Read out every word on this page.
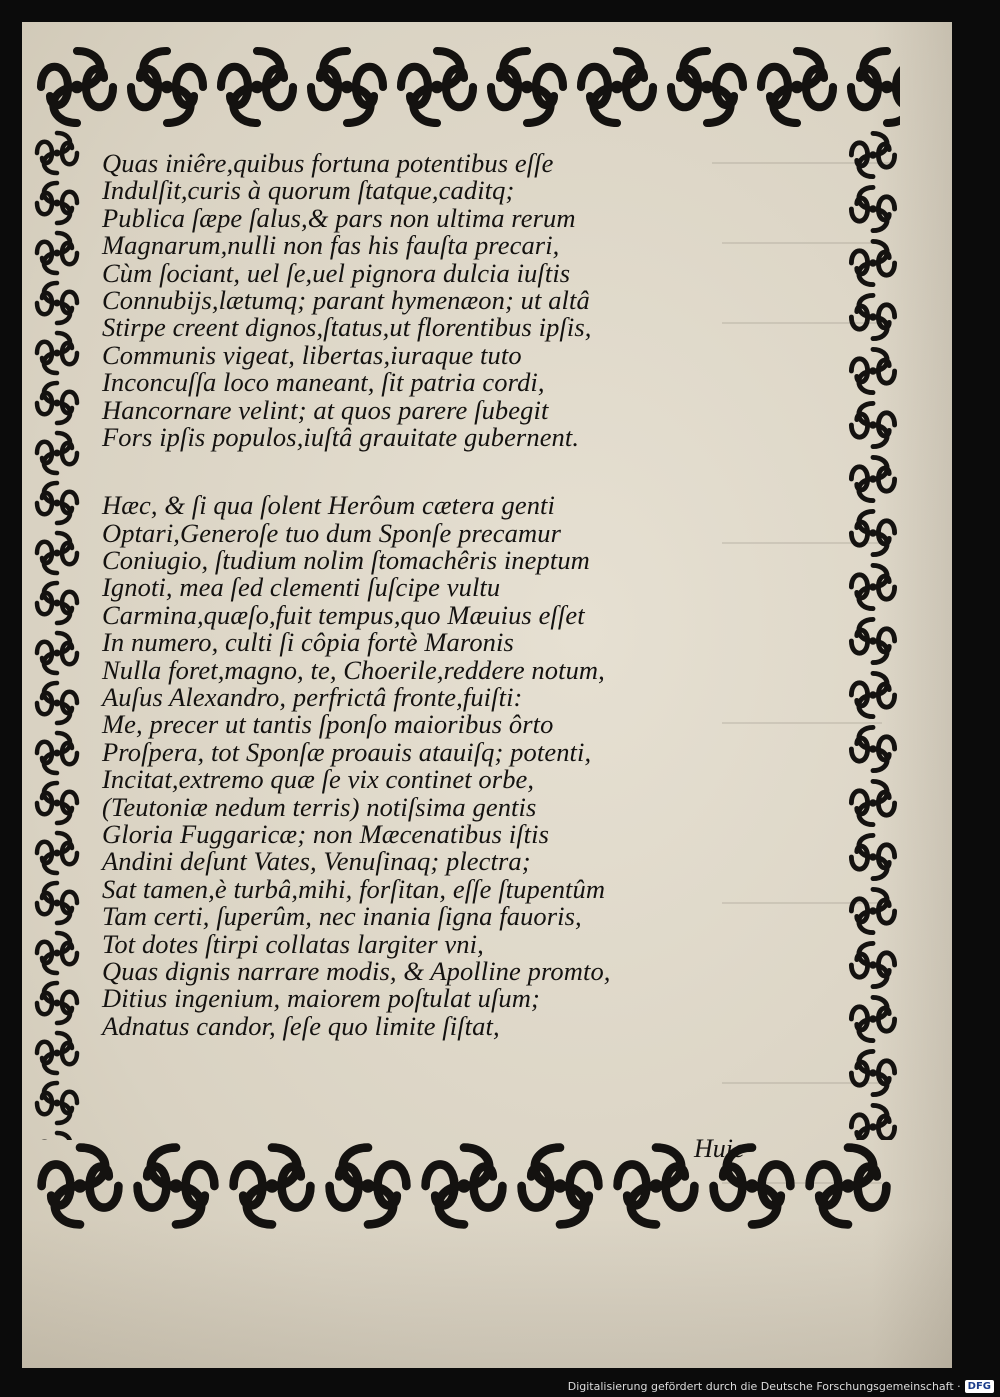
Quas iniêre,quibus fortuna potentibus eſſe
Indulſit,curis à quorum ſtatque,caditq;
Publica ſæpe ſalus,& pars non ultima rerum
Magnarum,nulli non fas his fauſta precari,
Cùm ſociant, uel ſe,uel pignora dulcia iuſtis
Connubijs,lætumq; parant hymenæon; ut altâ
Stirpe creent dignos,ſtatus,ut florentibus ipſis,
Communis vigeat, libertas,iuraque tuto
Inconcuſſa loco maneant, ſit patria cordi,
Hancornare velint; at quos parere ſubegit
Fors ipſis populos,iuſtâ grauitate gubernent.
Hæc, & ſi qua ſolent Herôum cætera genti
Optari,Generoſe tuo dum Sponſe precamur
Coniugio, ſtudium nolim ſtomachêris ineptum
Ignoti, mea ſed clementi ſuſcipe vultu
Carmina,quæſo,fuit tempus,quo Mæuius eſſet
In numero, culti ſi côpia fortè Maronis
Nulla foret,magno, te, Choerile,reddere notum,
Auſus Alexandro, perfrictâ fronte,fuiſti:
Me, precer ut tantis ſponſo maioribus ôrto
Proſpera, tot Sponſæ proauis atauiſq; potenti,
Incitat,extremo quæ ſe vix continet orbe,
(Teutoniæ nedum terris) notiſsima gentis
Gloria Fuggaricæ; non Mæcenatibus iſtis
Andini deſunt Vates, Venuſinaq; plectra;
Sat tamen,è turbâ,mihi, forſitan, eſſe ſtupentûm
Tam certi, ſuperûm, nec inania ſigna fauoris,
Tot dotes ſtirpi collatas largiter vni,
Quas dignis narrare modis, & Apolline promto,
Ditius ingenium, maiorem poſtulat uſum;
Adnatus candor, ſeſe quo limite ſiſtat,
Huic
Digitalisierung gefördert durch die Deutsche Forschungsgemeinschaft · DFG
